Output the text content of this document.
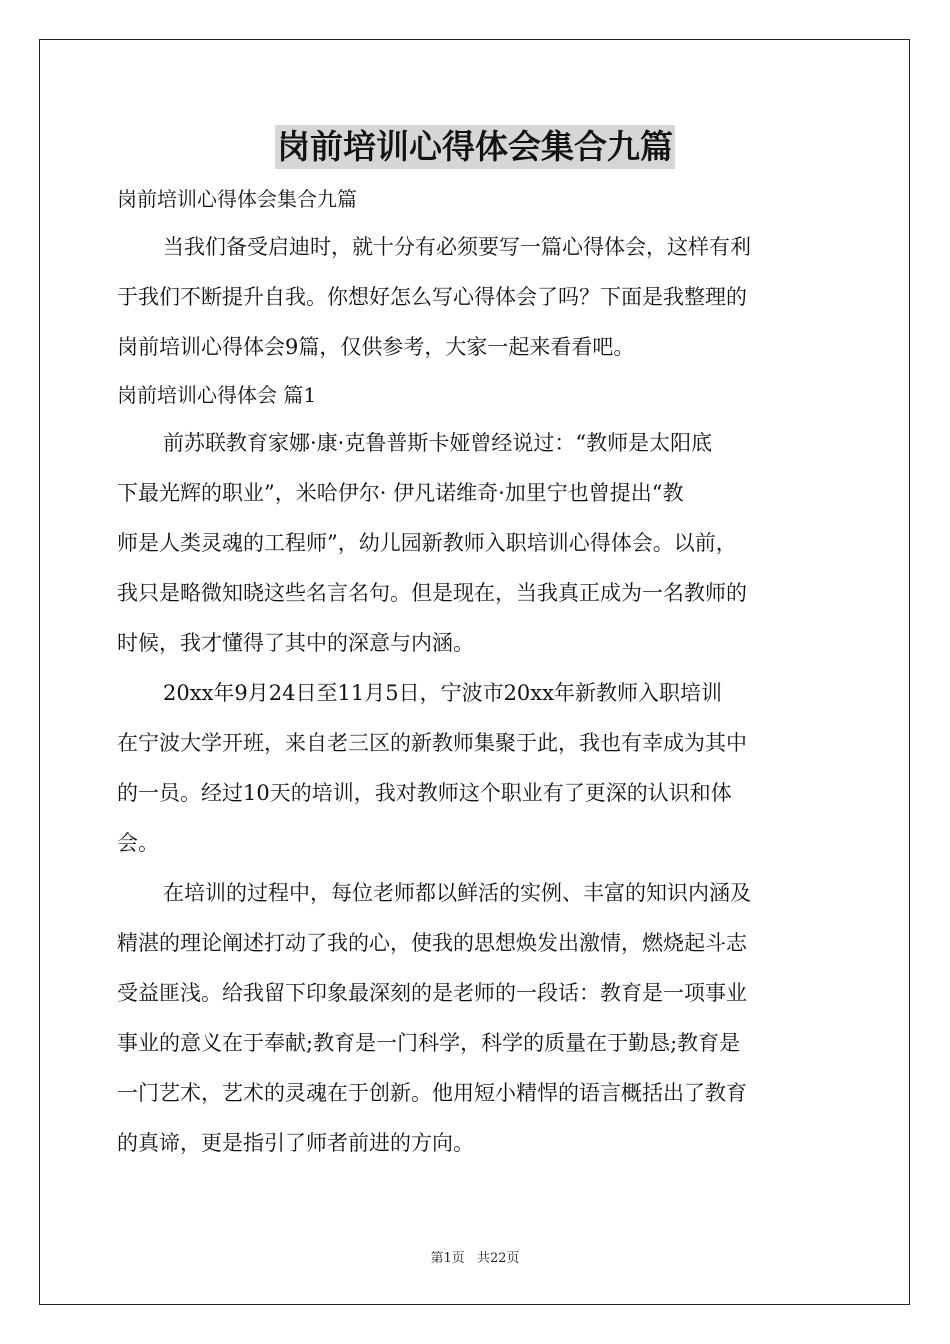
岗前培训心得体会集合九篇
岗前培训心得体会集合九篇
当我们备受启迪时，就十分有必须要写一篇心得体会，这样有利
于我们不断提升自我。你想好怎么写心得体会了吗？下面是我整理的
岗前培训心得体会9篇，仅供参考，大家一起来看看吧。
岗前培训心得体会 篇1
前苏联教育家娜·康·克鲁普斯卡娅曾经说过：“教师是太阳底
下最光辉的职业”，米哈伊尔· 伊凡诺维奇·加里宁也曾提出“教
师是人类灵魂的工程师”，幼儿园新教师入职培训心得体会。以前，
我只是略微知晓这些名言名句。但是现在，当我真正成为一名教师的
时候，我才懂得了其中的深意与内涵。
20xx年9月24日至11月5日，宁波市20xx年新教师入职培训
在宁波大学开班，来自老三区的新教师集聚于此，我也有幸成为其中
的一员。经过10天的培训，我对教师这个职业有了更深的认识和体
会。
在培训的过程中，每位老师都以鲜活的实例、丰富的知识内涵及
精湛的理论阐述打动了我的心，使我的思想焕发出激情，燃烧起斗志
受益匪浅。给我留下印象最深刻的是老师的一段话：教育是一项事业
事业的意义在于奉献;教育是一门科学，科学的质量在于勤恳;教育是
一门艺术，艺术的灵魂在于创新。他用短小精悍的语言概括出了教育
的真谛，更是指引了师者前进的方向。
第1页 共22页
